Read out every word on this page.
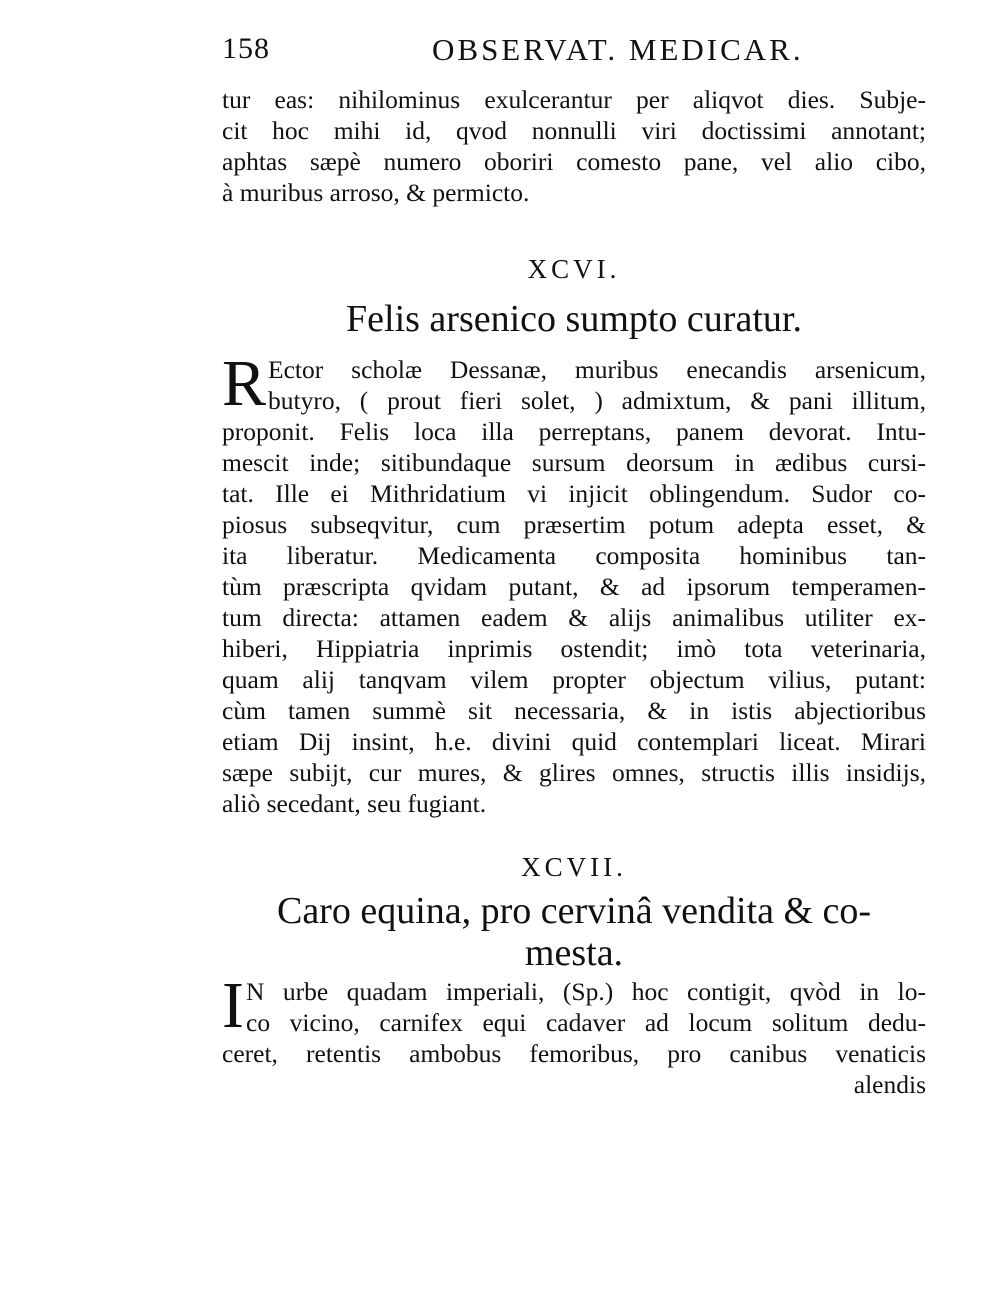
158	OBSERVAT. MEDICAR.
tur eas: nihilominus exulcerantur per aliqvot dies. Subje-
cit hoc mihi id, qvod nonnulli viri doctissimi annotant;
aphtas sæpè numero oboriri comesto pane, vel alio cibo,
à muribus arroso, & permicto.
XCVI.
Felis arsenico sumpto curatur.
R Ector scholæ Dessanæ, muribus enecandis arsenicum,
butyro, ( prout fieri solet, ) admixtum, & pani illitum,
proponit. Felis loca illa perreptans, panem devorat. Intu-
mescit inde; sitibundaque sursum deorsum in ædibus cursi-
tat. Ille ei Mithridatium vi injicit oblingendum. Sudor co-
piosus subseqvitur, cum præsertim potum adepta esset, &
ita liberatur. Medicamenta composita hominibus tan-
tùm præscripta qvidam putant, & ad ipsorum temperamen-
tum directa: attamen eadem & alijs animalibus utiliter ex-
hiberi, Hippiatria inprimis ostendit; imò tota veterinaria,
quam alij tanqvam vilem propter objectum vilius, putant:
cùm tamen summè sit necessaria, & in istis abjectioribus
etiam Dij insint, h.e. divini quid contemplari liceat. Mirari
sæpe subijt, cur mures, & glires omnes, structis illis insidijs,
aliò secedant, seu fugiant.
XCVII.
Caro equina, pro cervinâ vendita & co-
mesta.
I N urbe quadam imperiali, (Sp.) hoc contigit, qvòd in lo-
co vicino, carnifex equi cadaver ad locum solitum dedu-
ceret, retentis ambobus femoribus, pro canibus venaticis
alendis
